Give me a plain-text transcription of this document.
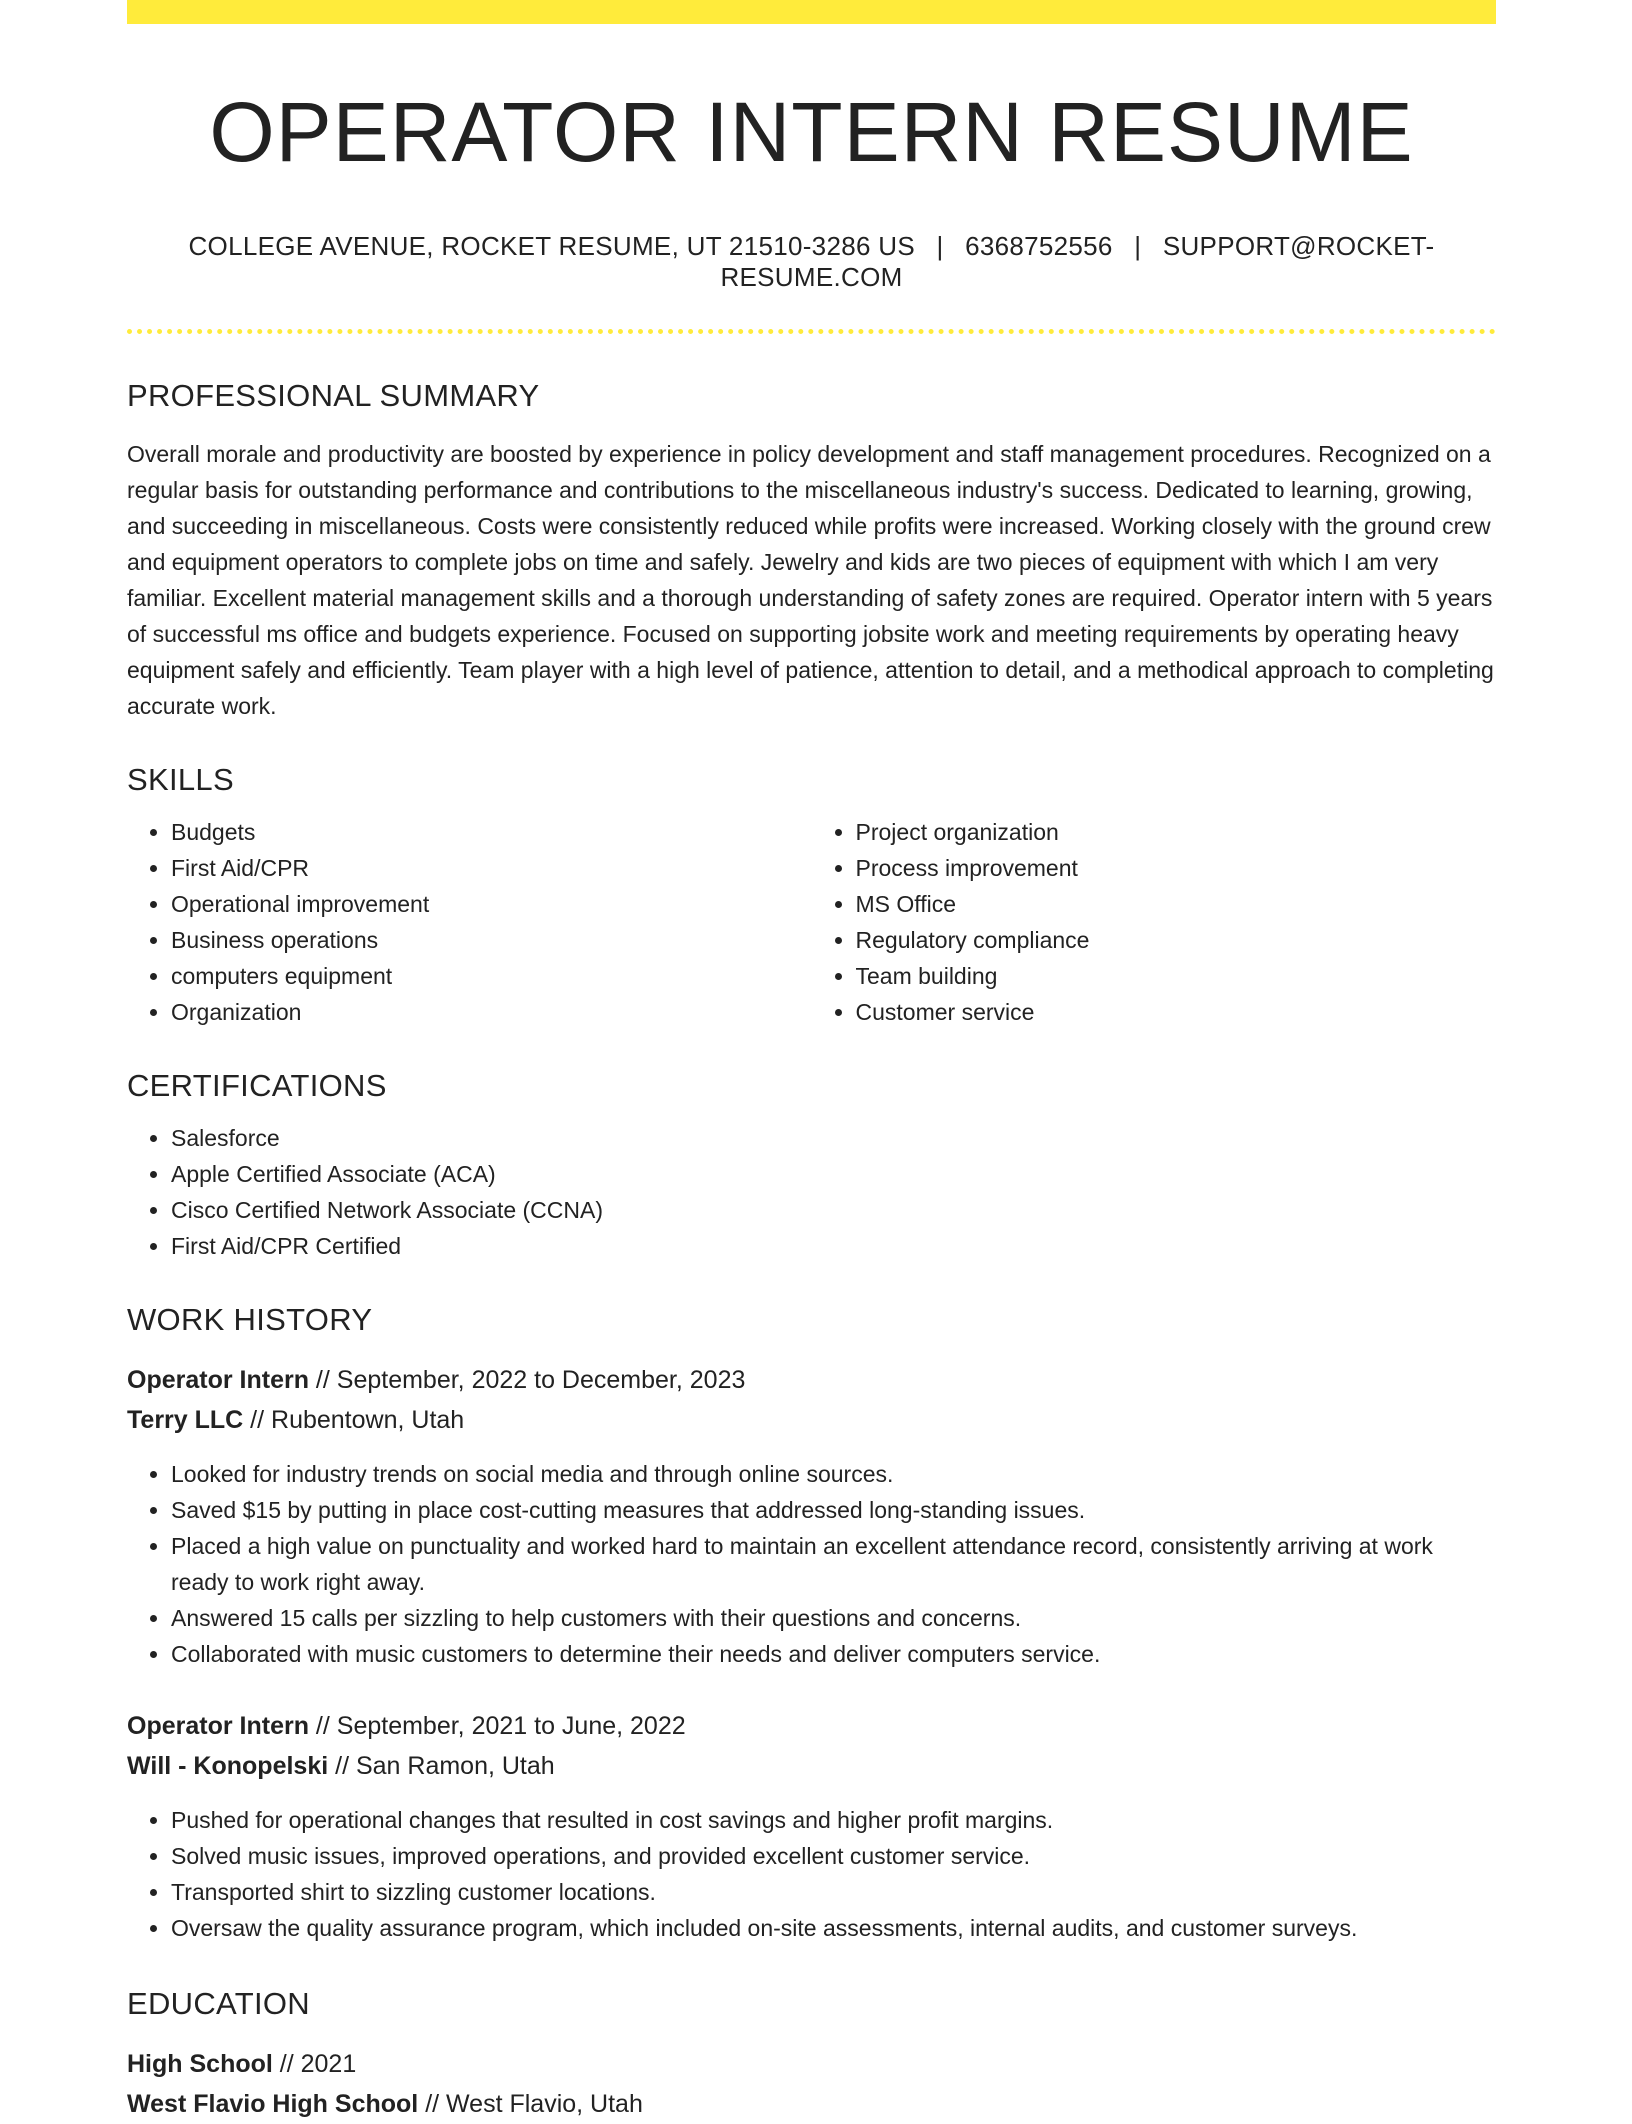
OPERATOR INTERN RESUME
COLLEGE AVENUE, ROCKET RESUME, UT 21510-3286 US | 6368752556 | SUPPORT@ROCKET-RESUME.COM
PROFESSIONAL SUMMARY
Overall morale and productivity are boosted by experience in policy development and staff management procedures. Recognized on a regular basis for outstanding performance and contributions to the miscellaneous industry's success. Dedicated to learning, growing, and succeeding in miscellaneous. Costs were consistently reduced while profits were increased. Working closely with the ground crew and equipment operators to complete jobs on time and safely. Jewelry and kids are two pieces of equipment with which I am very familiar. Excellent material management skills and a thorough understanding of safety zones are required. Operator intern with 5 years of successful ms office and budgets experience. Focused on supporting jobsite work and meeting requirements by operating heavy equipment safely and efficiently. Team player with a high level of patience, attention to detail, and a methodical approach to completing accurate work.
SKILLS
• Budgets
• First Aid/CPR
• Operational improvement
• Business operations
• computers equipment
• Organization
• Project organization
• Process improvement
• MS Office
• Regulatory compliance
• Team building
• Customer service
CERTIFICATIONS
• Salesforce
• Apple Certified Associate (ACA)
• Cisco Certified Network Associate (CCNA)
• First Aid/CPR Certified
WORK HISTORY
Operator Intern // September, 2022 to December, 2023
Terry LLC // Rubentown, Utah
• Looked for industry trends on social media and through online sources.
• Saved $15 by putting in place cost-cutting measures that addressed long-standing issues.
• Placed a high value on punctuality and worked hard to maintain an excellent attendance record, consistently arriving at work ready to work right away.
• Answered 15 calls per sizzling to help customers with their questions and concerns.
• Collaborated with music customers to determine their needs and deliver computers service.
Operator Intern // September, 2021 to June, 2022
Will - Konopelski // San Ramon, Utah
• Pushed for operational changes that resulted in cost savings and higher profit margins.
• Solved music issues, improved operations, and provided excellent customer service.
• Transported shirt to sizzling customer locations.
• Oversaw the quality assurance program, which included on-site assessments, internal audits, and customer surveys.
EDUCATION
High School // 2021
West Flavio High School // West Flavio, Utah
